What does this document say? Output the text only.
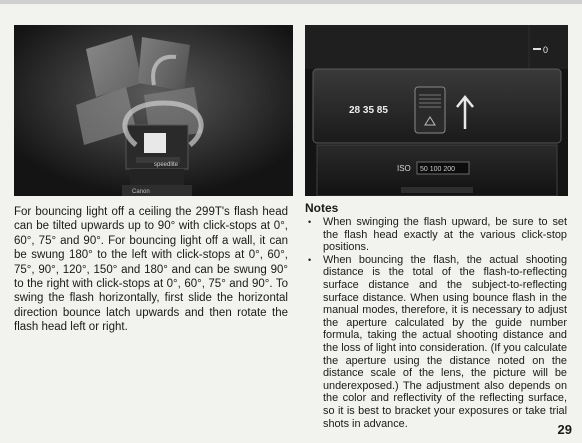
speedlite
Canon
0
28 35 85
ISO 50 100 200

For bouncing light off a ceiling the 299T's flash head can be tilted upwards up to 90° with click-stops at 0°, 60°, 75° and 90°. For bouncing light off a wall, it can be swung 180° to the left with click-stops at 0°, 60°, 75°, 90°, 120°, 150° and 180° and can be swung 90° to the right with click-stops at 0°, 60°, 75° and 90°. To swing the flash horizontally, first slide the horizontal direction bounce latch upwards and then rotate the flash head left or right.

Notes
• When swinging the flash upward, be sure to set the flash head exactly at the various click-stop positions.
• When bouncing the flash, the actual shooting distance is the total of the flash-to-reflecting surface distance and the subject-to-reflecting surface distance. When using bounce flash in the manual modes, therefore, it is necessary to adjust the aperture calculated by the guide number formula, taking the actual shooting distance and the loss of light into consideration. (If you calculate the aperture using the distance noted on the distance scale of the lens, the picture will be underexposed.) The adjustment also depends on the color and reflectivity of the reflecting surface, so it is best to bracket your exposures or take trial shots in advance.	29
